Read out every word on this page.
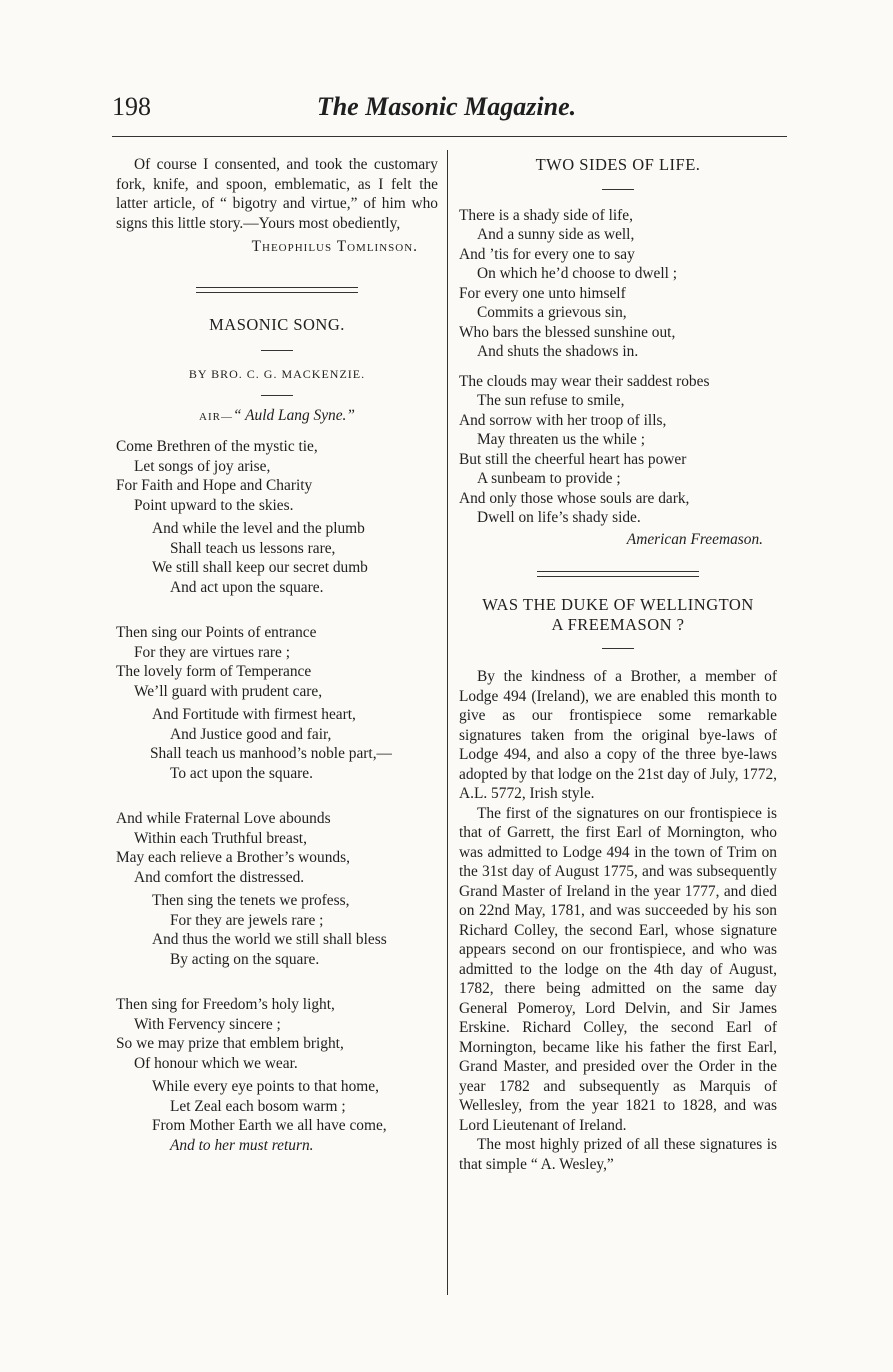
198	The Masonic Magazine.

Of course I consented, and took the customary fork, knife, and spoon, emblematic, as I felt the latter article, of “ bigotry and virtue,” of him who signs this little story.—Yours most obediently,

Theophilus Tomlinson.

MASONIC SONG.

BY BRO. C. G. MACKENZIE.

AIR—“ Auld Lang Syne.”

Come Brethren of the mystic tie,

Let songs of joy arise,

For Faith and Hope and Charity

Point upward to the skies.

And while the level and the plumb

Shall teach us lessons rare,

We still shall keep our secret dumb

And act upon the square.

Then sing our Points of entrance

For they are virtues rare ;

The lovely form of Temperance

We’ll guard with prudent care,

And Fortitude with firmest heart,

And Justice good and fair,

Shall teach us manhood’s noble part,—

To act upon the square.

And while Fraternal Love abounds

Within each Truthful breast,

May each relieve a Brother’s wounds,

And comfort the distressed.

Then sing the tenets we profess,

For they are jewels rare ;

And thus the world we still shall bless

By acting on the square.

Then sing for Freedom’s holy light,

With Fervency sincere ;

So we may prize that emblem bright,

Of honour which we wear.

While every eye points to that home,

Let Zeal each bosom warm ;

From Mother Earth we all have come,

And to her must return.

TWO SIDES OF LIFE.

There is a shady side of life,

And a sunny side as well,

And ’tis for every one to say

On which he’d choose to dwell ;

For every one unto himself

Commits a grievous sin,

Who bars the blessed sunshine out,

And shuts the shadows in.

The clouds may wear their saddest robes

The sun refuse to smile,

And sorrow with her troop of ills,

May threaten us the while ;

But still the cheerful heart has power

A sunbeam to provide ;

And only those whose souls are dark,

Dwell on life’s shady side.

American Freemason.

WAS THE DUKE OF WELLINGTON

A FREEMASON ?

By the kindness of a Brother, a member of Lodge 494 (Ireland), we are enabled this month to give as our frontispiece some remarkable signatures taken from the original bye-laws of Lodge 494, and also a copy of the three bye-laws adopted by that lodge on the 21st day of July, 1772, A.L. 5772, Irish style.

The first of the signatures on our frontispiece is that of Garrett, the first Earl of Mornington, who was admitted to Lodge 494 in the town of Trim on the 31st day of August 1775, and was subsequently Grand Master of Ireland in the year 1777, and died on 22nd May, 1781, and was succeeded by his son Richard Colley, the second Earl, whose signature appears second on our frontispiece, and who was admitted to the lodge on the 4th day of August, 1782, there being admitted on the same day General Pomeroy, Lord Delvin, and Sir James Erskine. Richard Colley, the second Earl of Mornington, became like his father the first Earl, Grand Master, and presided over the Order in the year 1782 and subsequently as Marquis of Wellesley, from the year 1821 to 1828, and was Lord Lieutenant of Ireland.

The most highly prized of all these signatures is that simple “ A. Wesley,”
